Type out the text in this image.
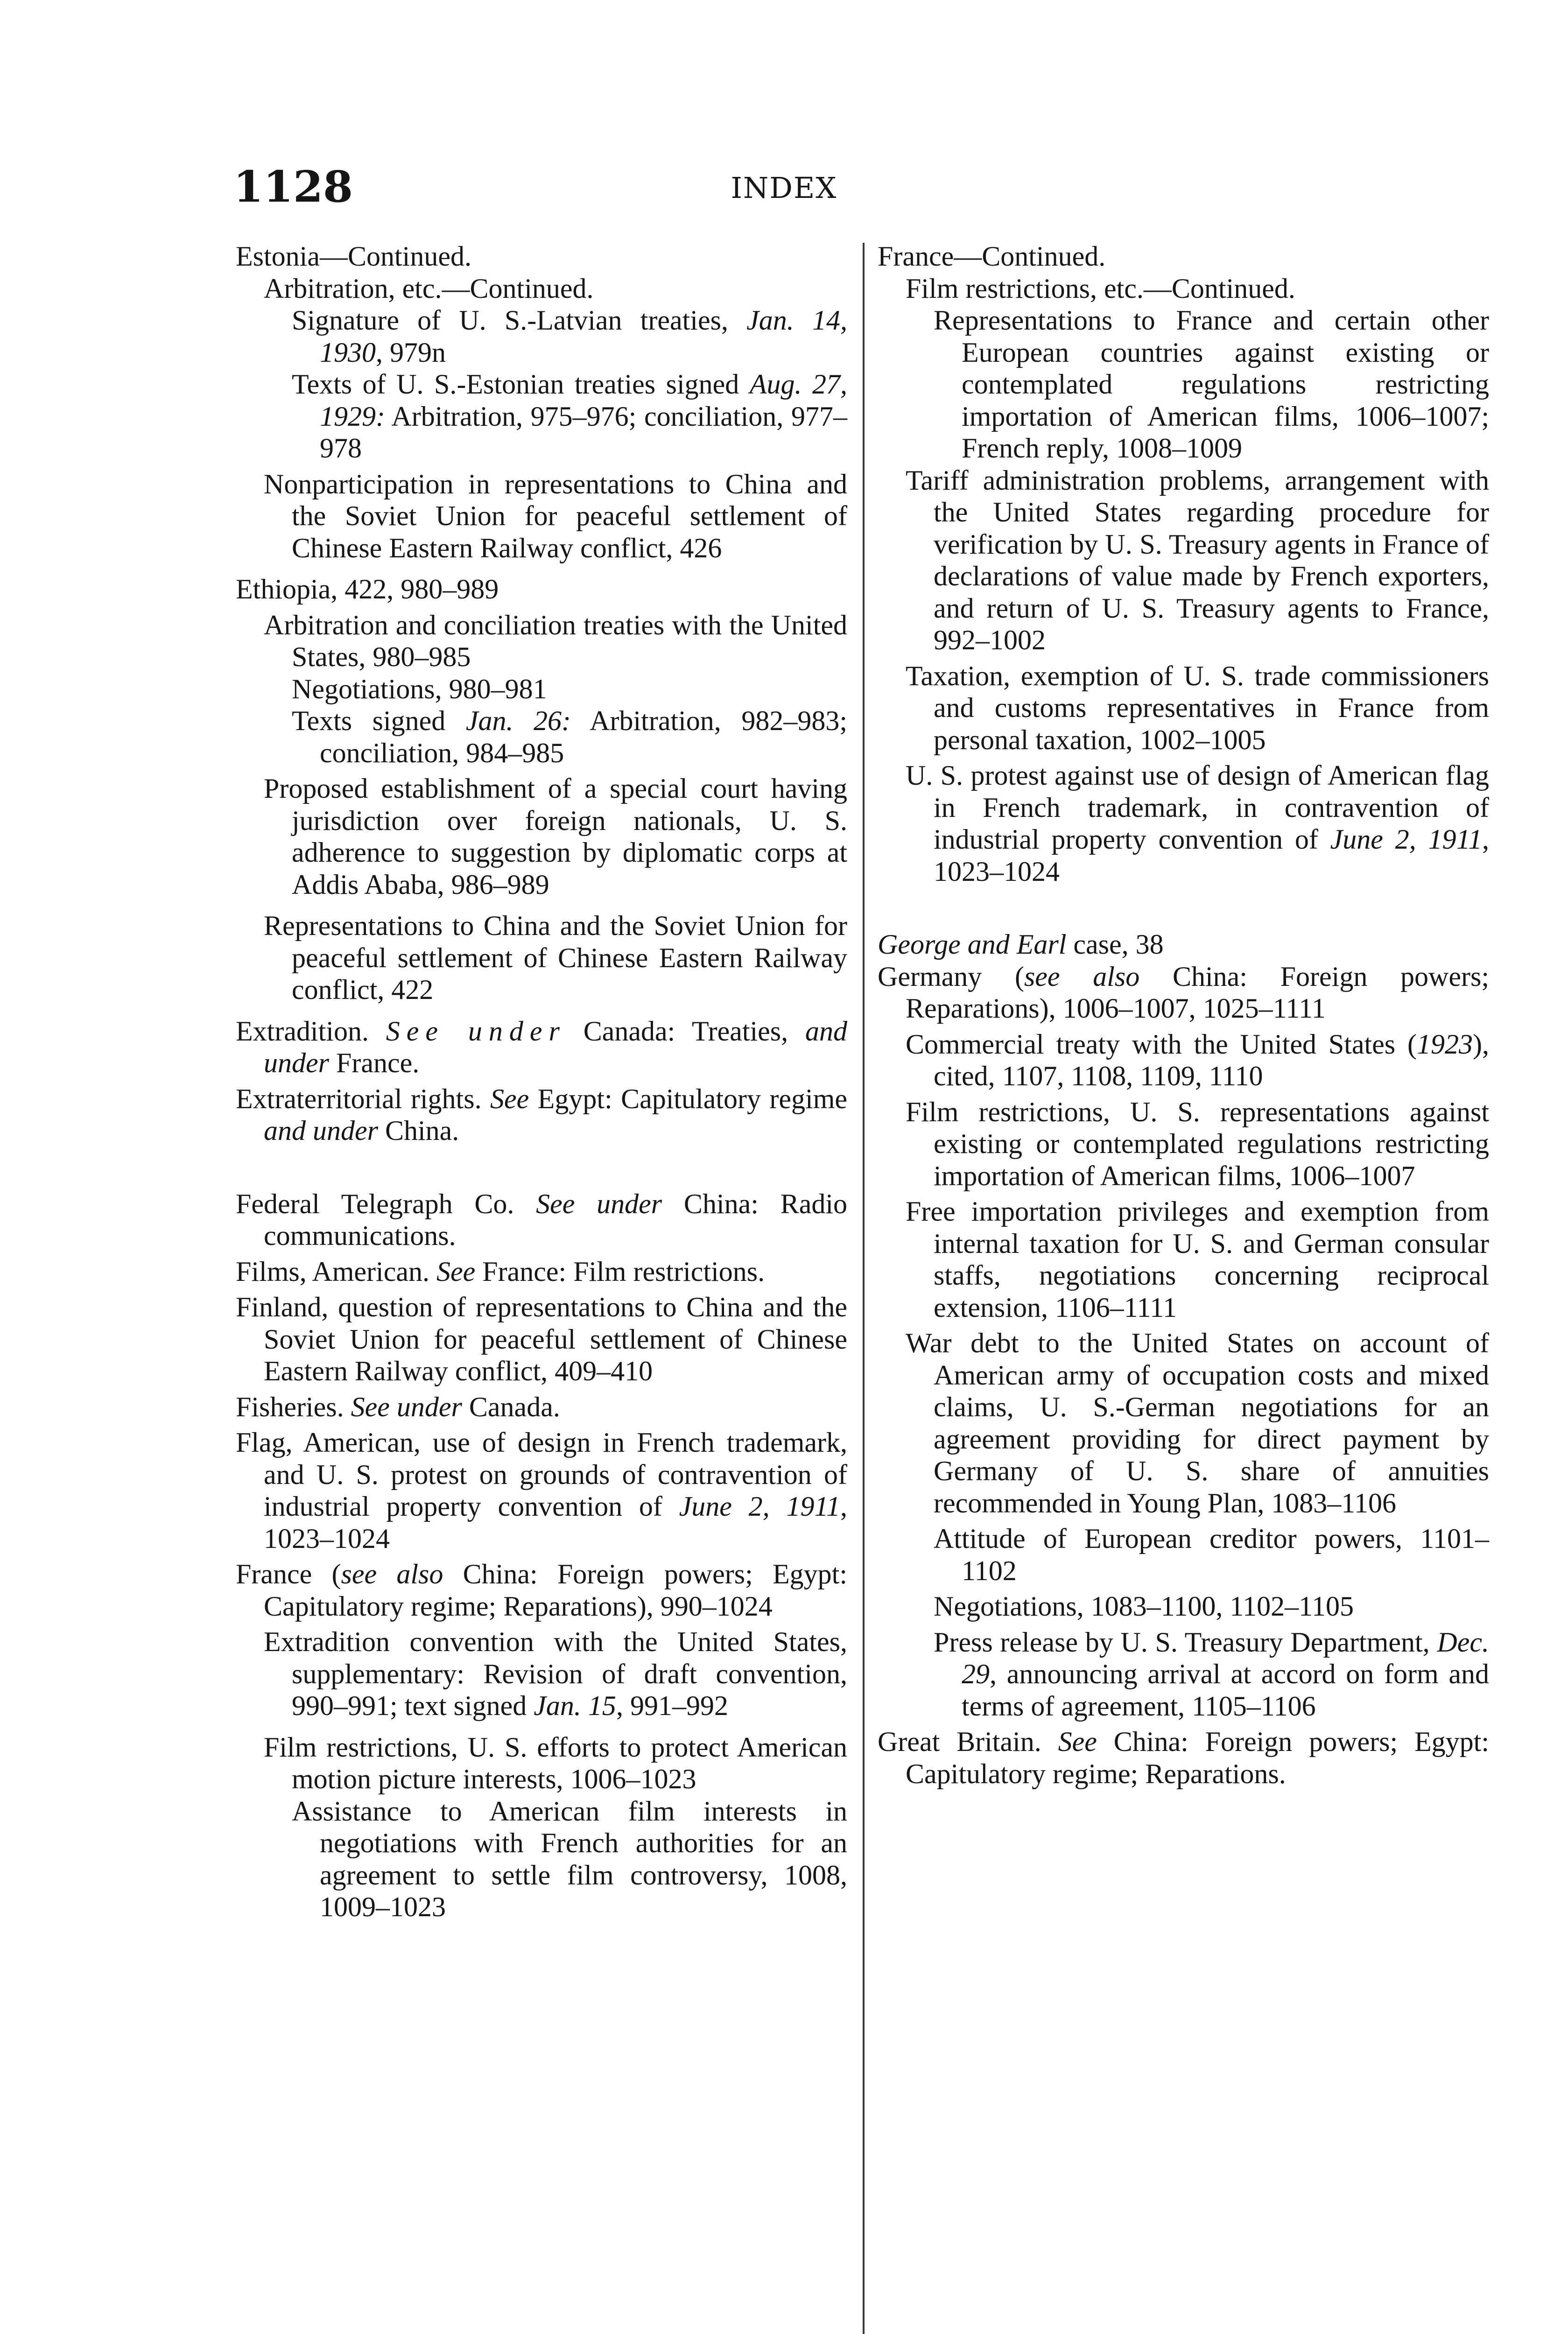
1128	INDEX

Estonia—Continued.

Arbitration, etc.—Continued.

Signature of U. S.-Latvian treaties, Jan. 14, 1930, 979n

Texts of U. S.-Estonian treaties signed Aug. 27, 1929: Arbitration, 975–976; conciliation, 977–978

Nonparticipation in representations to China and the Soviet Union for peaceful settlement of Chinese Eastern Railway conflict, 426

Ethiopia, 422, 980–989

Arbitration and conciliation treaties with the United States, 980–985

Negotiations, 980–981

Texts signed Jan. 26: Arbitration, 982–983; conciliation, 984–985

Proposed establishment of a special court having jurisdiction over foreign nationals, U. S. adherence to suggestion by diplomatic corps at Addis Ababa, 986–989

Representations to China and the Soviet Union for peaceful settlement of Chinese Eastern Railway conflict, 422

Extradition. See under Canada: Treaties, and under France.

Extraterritorial rights. See Egypt: Capitulatory regime and under China.

Federal Telegraph Co. See under China: Radio communications.

Films, American. See France: Film restrictions.

Finland, question of representations to China and the Soviet Union for peaceful settlement of Chinese Eastern Railway conflict, 409–410

Fisheries. See under Canada.

Flag, American, use of design in French trademark, and U. S. protest on grounds of contravention of industrial property convention of June 2, 1911, 1023–1024

France (see also China: Foreign powers; Egypt: Capitulatory regime; Reparations), 990–1024

Extradition convention with the United States, supplementary: Revision of draft convention, 990–991; text signed Jan. 15, 991–992

Film restrictions, U. S. efforts to protect American motion picture interests, 1006–1023

Assistance to American film interests in negotiations with French authorities for an agreement to settle film controversy, 1008, 1009–1023

France—Continued.

Film restrictions, etc.—Continued.

Representations to France and certain other European countries against existing or contemplated regulations restricting importation of American films, 1006–1007; French reply, 1008–1009

Tariff administration problems, arrangement with the United States regarding procedure for verification by U. S. Treasury agents in France of declarations of value made by French exporters, and return of U. S. Treasury agents to France, 992–1002

Taxation, exemption of U. S. trade commissioners and customs representatives in France from personal taxation, 1002–1005

U. S. protest against use of design of American flag in French trademark, in contravention of industrial property convention of June 2, 1911, 1023–1024

George and Earl case, 38

Germany (see also China: Foreign powers; Reparations), 1006–1007, 1025–1111

Commercial treaty with the United States (1923), cited, 1107, 1108, 1109, 1110

Film restrictions, U. S. representations against existing or contemplated regulations restricting importation of American films, 1006–1007

Free importation privileges and exemption from internal taxation for U. S. and German consular staffs, negotiations concerning reciprocal extension, 1106–1111

War debt to the United States on account of American army of occupation costs and mixed claims, U. S.-German negotiations for an agreement providing for direct payment by Germany of U. S. share of annuities recommended in Young Plan, 1083–1106

Attitude of European creditor powers, 1101–1102

Negotiations, 1083–1100, 1102–1105

Press release by U. S. Treasury Department, Dec. 29, announcing arrival at accord on form and terms of agreement, 1105–1106

Great Britain. See China: Foreign powers; Egypt: Capitulatory regime; Reparations.
